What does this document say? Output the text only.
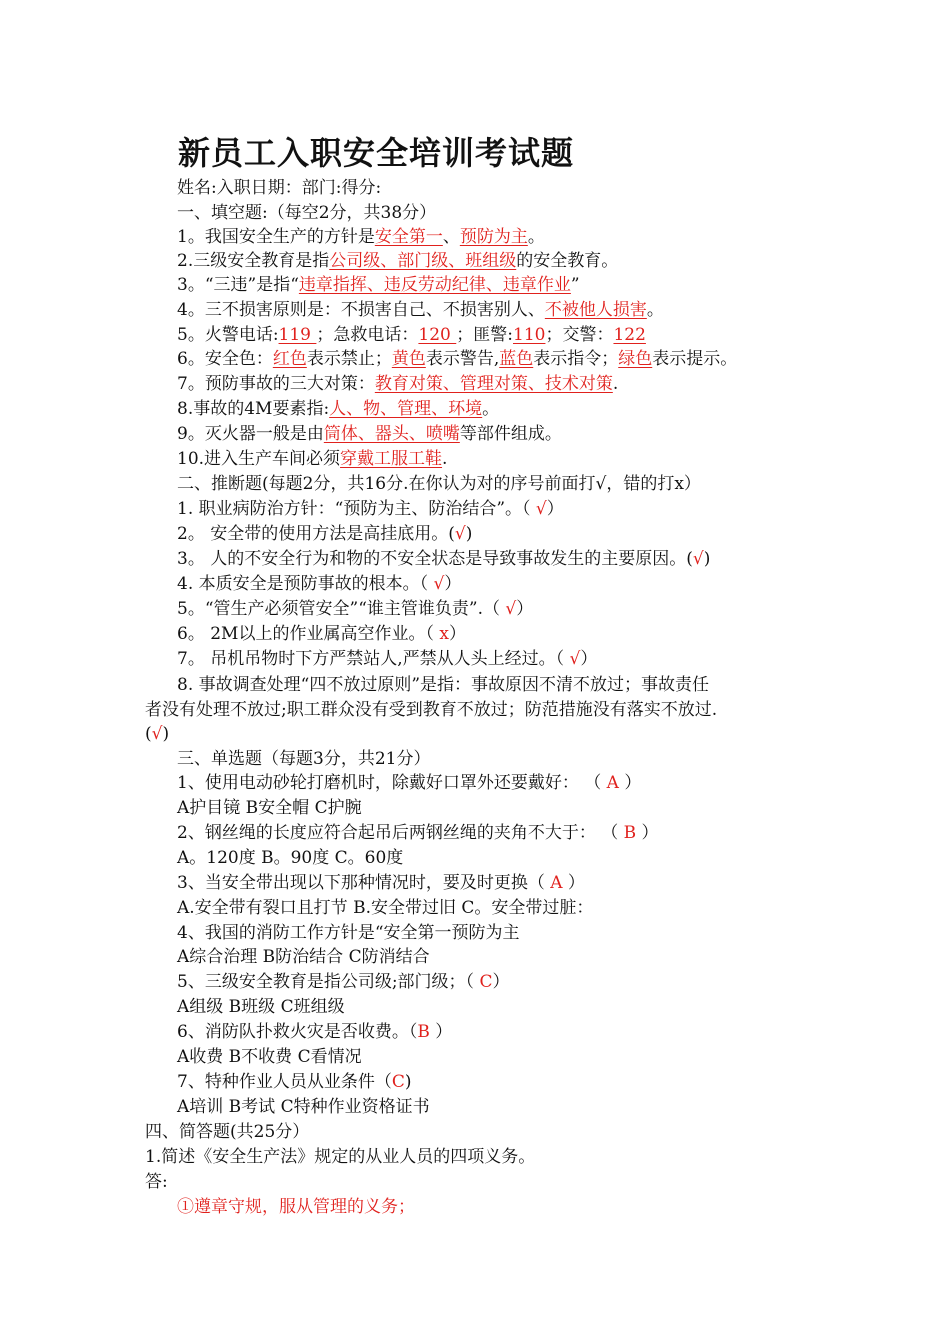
新员工入职安全培训考试题
姓名:入职日期：部门:得分:
一、填空题:（每空2分，共38分）
1。我国安全生产的方针是安全第一、预防为主。
2.三级安全教育是指公司级、部门级、班组级的安全教育。
3。“三违”是指“违章指挥、违反劳动纪律、违章作业”
4。三不损害原则是：不损害自己、不损害别人、不被他人损害。
5。火警电话:119 ；急救电话：120 ；匪警:110；交警：122
6。安全色：红色表示禁止；黄色表示警告,蓝色表示指令；绿色表示提示。
7。预防事故的三大对策：教育对策、管理对策、技术对策.
8.事故的4M要素指:人、物、管理、环境。
9。灭火器一般是由筒体、器头、喷嘴等部件组成。
10.进入生产车间必须穿戴工服工鞋.
二、推断题(每题2分，共16分.在你认为对的序号前面打√，错的打x）
1. 职业病防治方针：“预防为主、防治结合”。（ √）
2。 安全带的使用方法是高挂底用。(√)
3。 人的不安全行为和物的不安全状态是导致事故发生的主要原因。(√)
4. 本质安全是预防事故的根本。（ √）
5。“管生产必须管安全”“谁主管谁负责”.（ √）
6。 2M以上的作业属高空作业。（ x）
7。 吊机吊物时下方严禁站人,严禁从人头上经过。（ √）
8. 事故调查处理“四不放过原则”是指：事故原因不清不放过；事故责任
者没有处理不放过;职工群众没有受到教育不放过；防范措施没有落实不放过.
(√)
三、单选题（每题3分，共21分）
1、使用电动砂轮打磨机时，除戴好口罩外还要戴好： （ A ）
A护目镜 B安全帽 C护腕
2、钢丝绳的长度应符合起吊后两钢丝绳的夹角不大于： （ B ）
A。120度 B。90度 C。60度
3、当安全带出现以下那种情况时，要及时更换（ A ）
A.安全带有裂口且打节 B.安全带过旧 C。安全带过脏：
4、我国的消防工作方针是“安全第一预防为主
A综合治理 B防治结合 C防消结合
5、三级安全教育是指公司级;部门级；（ C）
A组级 B班级 C班组级
6、消防队扑救火灾是否收费。（B ）
A收费 B不收费 C看情况
7、特种作业人员从业条件（C)
A培训 B考试 C特种作业资格证书
四、简答题(共25分）
1.简述《安全生产法》规定的从业人员的四项义务。
答:
①遵章守规，服从管理的义务；
